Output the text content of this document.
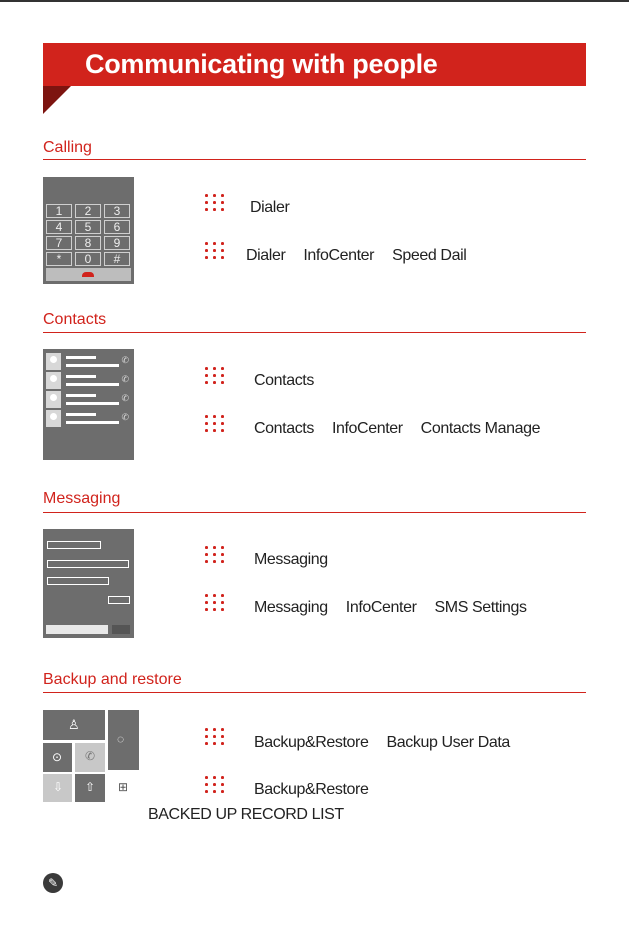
Communicating with people
Calling
1	2	3
4	5	6
7	8	9
*	0	#
Dialer
Dialer InfoCenter Speed Dail
Contacts
✆
✆
✆
✆
Contacts
Contacts InfoCenter Contacts Manage
Messaging
Messaging
Messaging InfoCenter SMS Settings
Backup and restore
♙
◌
⊙ ✆
⇩ ⇧ ⊞
Backup&Restore Backup User Data
Backup&Restore
BACKED UP RECORD LIST
✎
